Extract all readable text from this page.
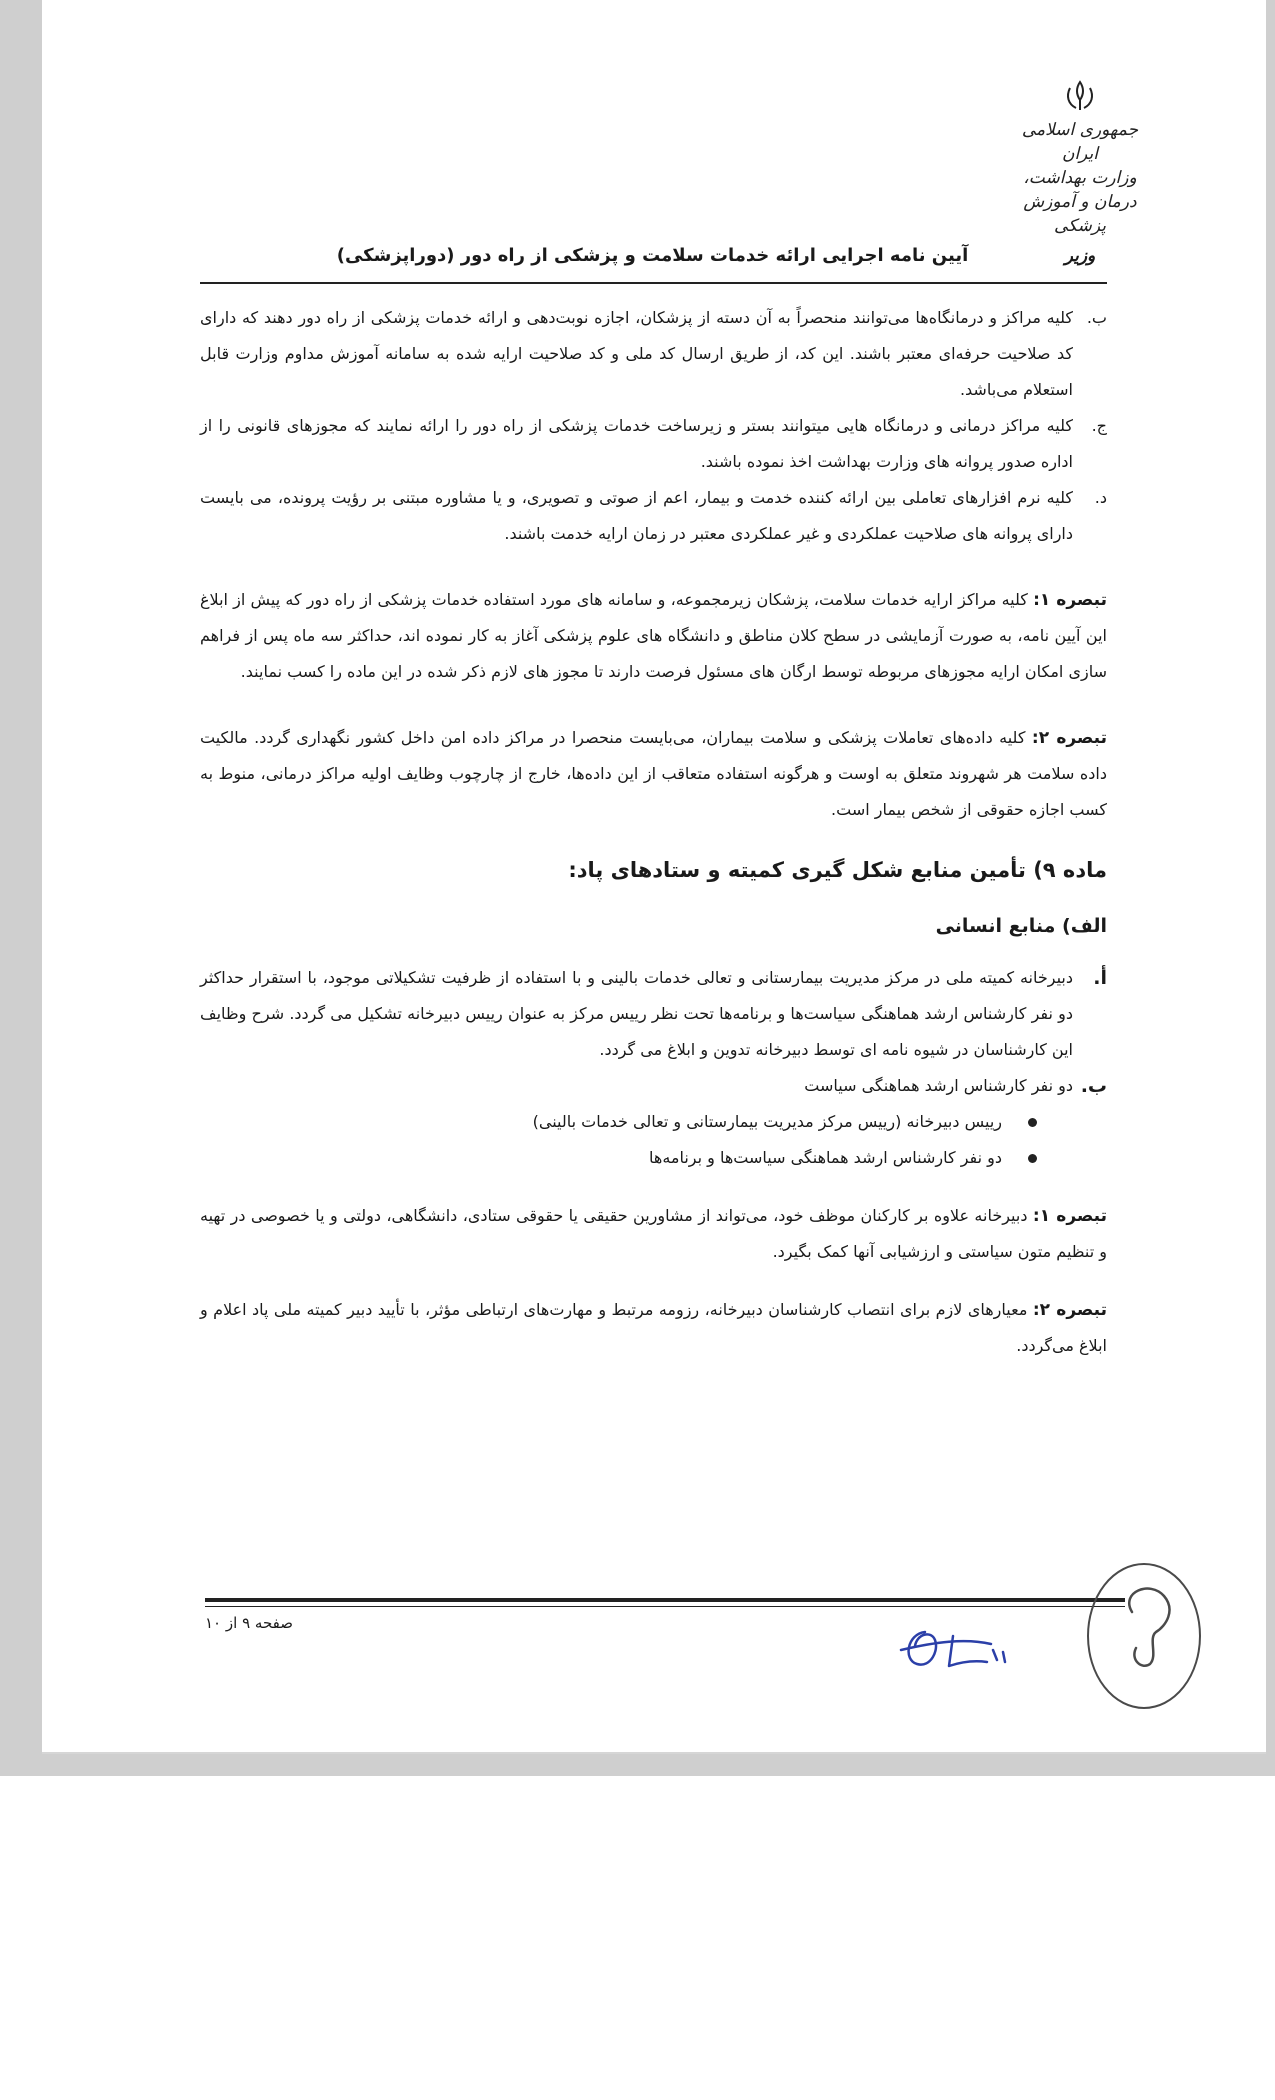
جمهوری اسلامی ایران
وزارت بهداشت، درمان و آموزش پزشکی
وزیر
آیین نامه اجرایی ارائه خدمات سلامت و پزشکی از راه دور (دوراپزشکی)
ب.
کلیه مراکز و درمانگاه‌ها می‌توانند منحصراً به آن دسته از پزشکان، اجازه نوبت‌دهی و ارائه خدمات پزشکی از راه دور دهند که دارای کد صلاحیت حرفه‌ای معتبر باشند. این کد، از طریق ارسال کد ملی و کد صلاحیت ارایه شده به سامانه آموزش مداوم وزارت قابل استعلام می‌باشد.
ج.
کلیه مراکز درمانی و درمانگاه هایی میتوانند بستر و زیرساخت خدمات پزشکی از راه دور را ارائه نمایند که مجوزهای قانونی را از اداره صدور پروانه های وزارت بهداشت اخذ نموده باشند.
د.
کلیه نرم افزارهای تعاملی بین ارائه کننده خدمت و بیمار، اعم از صوتی و تصویری، و یا مشاوره مبتنی بر رؤیت پرونده، می بایست دارای پروانه های صلاحیت عملکردی و غیر عملکردی معتبر در زمان ارایه خدمت باشند.
تبصره ۱: کلیه مراکز ارایه خدمات سلامت، پزشکان زیرمجموعه، و سامانه های مورد استفاده خدمات پزشکی از راه دور که پیش از ابلاغ این آیین نامه، به صورت آزمایشی در سطح کلان مناطق و دانشگاه های علوم پزشکی آغاز به کار نموده اند، حداکثر سه ماه پس از فراهم سازی امکان ارایه مجوزهای مربوطه توسط ارگان های مسئول فرصت دارند تا مجوز های لازم ذکر شده در این ماده را کسب نمایند.
تبصره ۲: کلیه داده‌های تعاملات پزشکی و سلامت بیماران، می‌بایست منحصرا در مراکز داده امن داخل کشور نگهداری گردد. مالکیت داده سلامت هر شهروند متعلق به اوست و هرگونه استفاده متعاقب از این داده‌ها، خارج از چارچوب وظایف اولیه مراکز درمانی، منوط به کسب اجازه حقوقی از شخص بیمار است.
ماده ۹) تأمین منابع شکل گیری کمیته و ستادهای پاد:
الف) منابع انسانی
أ.
دبیرخانه کمیته ملی در مرکز مدیریت بیمارستانی و تعالی خدمات بالینی و با استفاده از ظرفیت تشکیلاتی موجود، با استقرار حداکثر دو نفر کارشناس ارشد هماهنگی سیاست‌ها و برنامه‌ها تحت نظر رییس مرکز به عنوان رییس دبیرخانه تشکیل می گردد. شرح وظایف این کارشناسان در شیوه نامه ای توسط دبیرخانه تدوین و ابلاغ می گردد.
ب.
دو نفر کارشناس ارشد هماهنگی سیاست
رییس دبیرخانه (رییس مرکز مدیریت بیمارستانی و تعالی خدمات بالینی)
دو نفر کارشناس ارشد هماهنگی سیاست‌ها و برنامه‌ها
تبصره ۱: دبیرخانه علاوه بر کارکنان موظف خود، می‌تواند از مشاورین حقیقی یا حقوقی ستادی، دانشگاهی، دولتی و یا خصوصی در تهیه و تنظیم متون سیاستی و ارزشیابی آنها کمک بگیرد.
تبصره ۲: معیارهای لازم برای انتصاب کارشناسان دبیرخانه، رزومه مرتبط و مهارت‌های ارتباطی مؤثر، با تأیید دبیر کمیته ملی پاد اعلام و ابلاغ می‌گردد.
صفحه ۹ از ۱۰
